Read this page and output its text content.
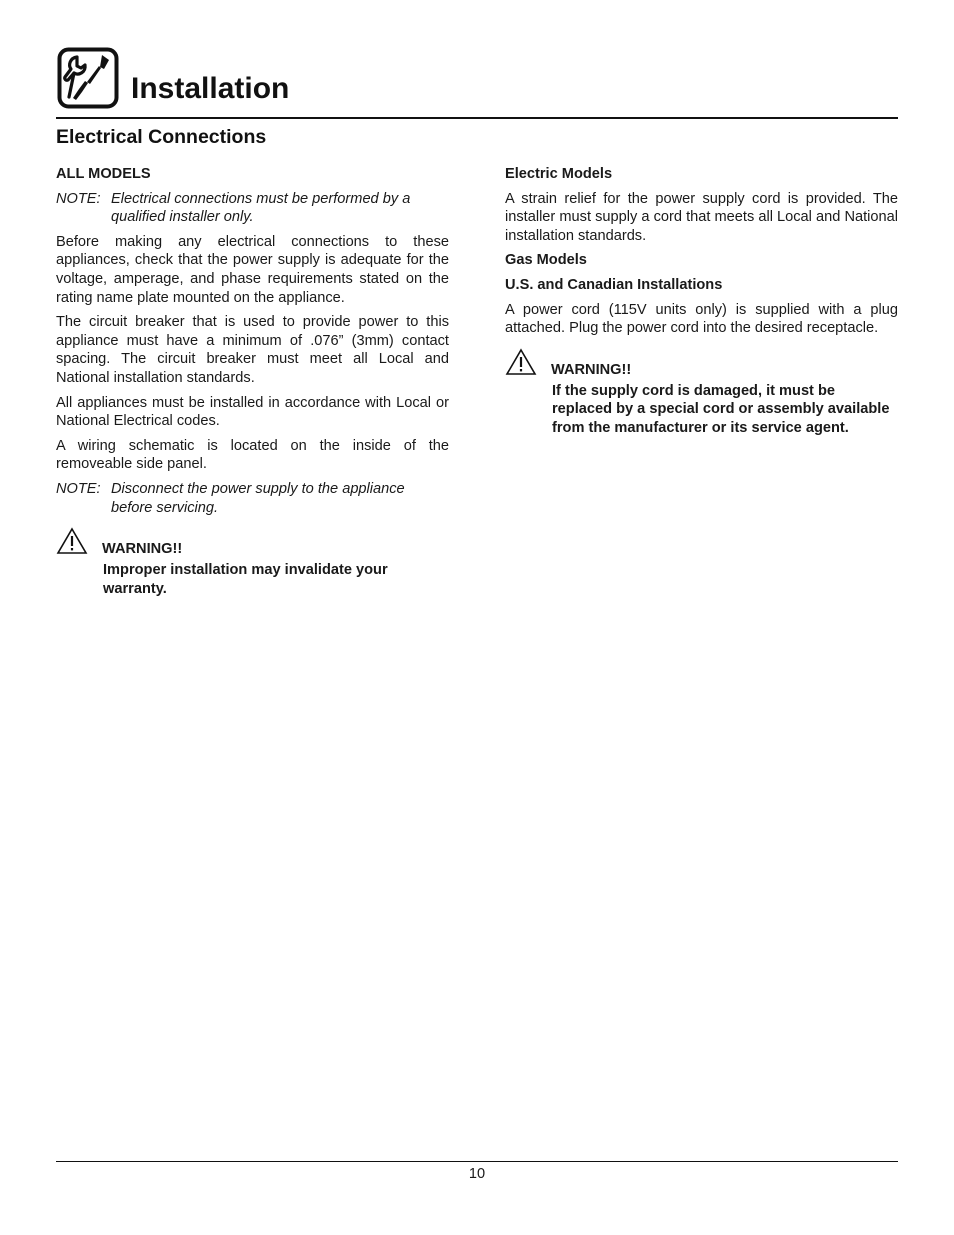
Installation
Electrical Connections
ALL MODELS
NOTE: Electrical connections must be performed by a qualified installer only.

Before making any electrical connections to these appliances, check that the power supply is adequate for the voltage, amperage, and phase requirements stated on the rating name plate mounted on the appliance.

The circuit breaker that is used to provide power to this appliance must have a minimum of .076” (3mm) contact spacing. The circuit breaker must meet all Local and National installation standards.

All appliances must be installed in accordance with Local or National Electrical codes.

A wiring schematic is located on the inside of the removeable side panel.

NOTE: Disconnect the power supply to the appliance before servicing.
WARNING!!

Improper installation may invalidate your warranty.

Electric Models

A strain relief for the power supply cord is provided. The installer must supply a cord that meets all Local and National installation standards.

Gas Models
U.S. and Canadian Installations

A power cord (115V units only) is supplied with a plug attached. Plug the power cord into the desired receptacle.

WARNING!!

If the supply cord is damaged, it must be replaced by a special cord or assembly available from the manufacturer or its service agent.

10
